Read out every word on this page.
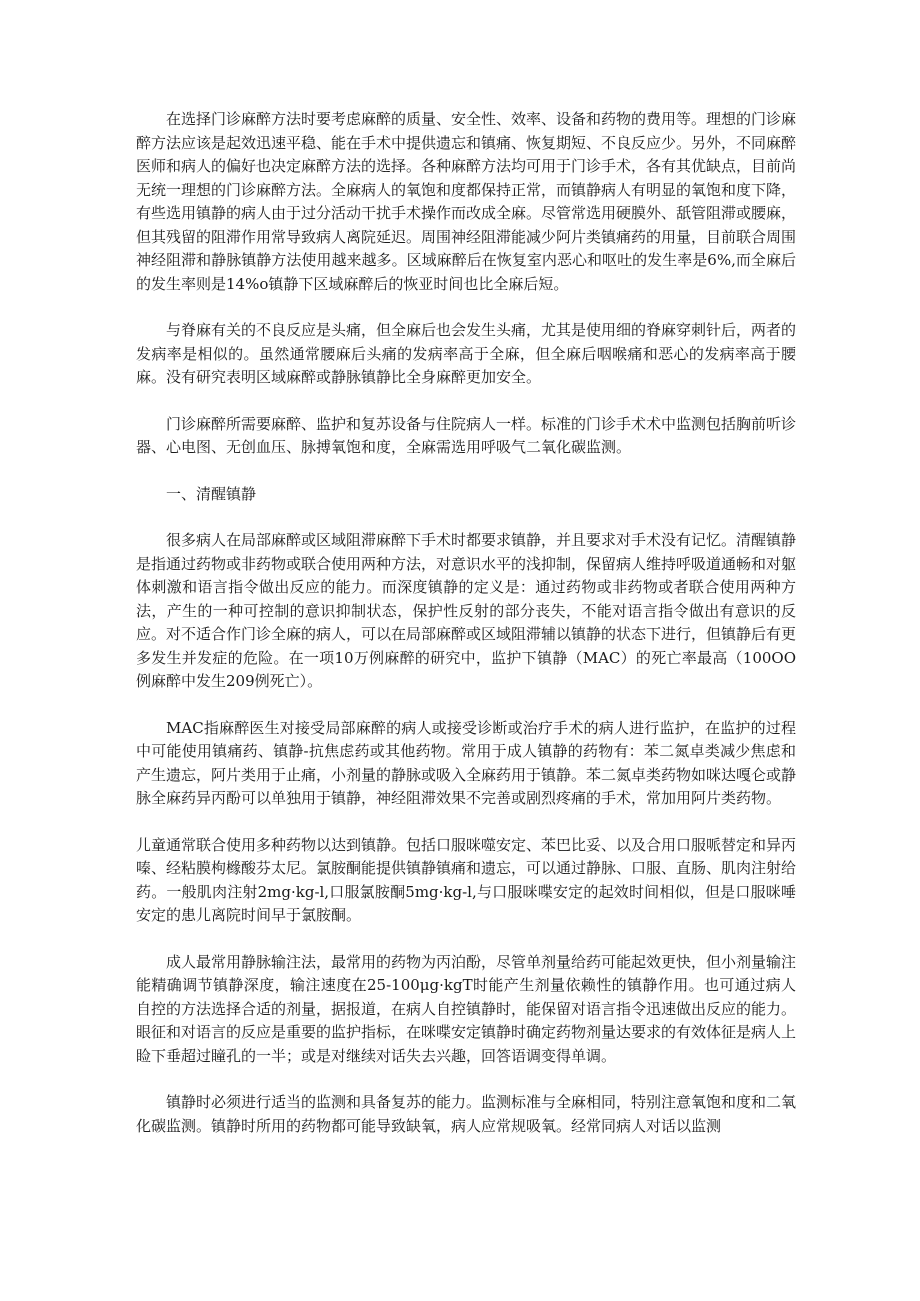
在选择门诊麻醉方法时要考虑麻醉的质量、安全性、效率、设备和药物的费用等。理想的门诊麻醉方法应该是起效迅速平稳、能在手术中提供遗忘和镇痛、恢复期短、不良反应少。另外，不同麻醉医师和病人的偏好也决定麻醉方法的选择。各种麻醉方法均可用于门诊手术，各有其优缺点，目前尚无统一理想的门诊麻醉方法。全麻病人的氧饱和度都保持正常，而镇静病人有明显的氧饱和度下降，有些选用镇静的病人由于过分活动干扰手术操作而改成全麻。尽管常选用硬膜外、舐管阻滞或腰麻，但其残留的阻滞作用常导致病人离院延迟。周围神经阻滞能减少阿片类镇痛药的用量，目前联合周围神经阻滞和静脉镇静方法使用越来越多。区域麻醉后在恢复室内恶心和呕吐的发生率是6%,而全麻后的发生率则是14%o镇静下区域麻醉后的恢亚时间也比全麻后短。

与脊麻有关的不良反应是头痛，但全麻后也会发生头痛，尤其是使用细的脊麻穿刺针后，两者的发病率是相似的。虽然通常腰麻后头痛的发病率高于全麻，但全麻后咽喉痛和恶心的发病率高于腰麻。没有研究表明区域麻醉或静脉镇静比全身麻醉更加安全。

门诊麻醉所需要麻醉、监护和复苏设备与住院病人一样。标准的门诊手术术中监测包括胸前听诊器、心电图、无创血压、脉搏氧饱和度，全麻需选用呼吸气二氧化碳监测。

一、清醒镇静

很多病人在局部麻醉或区域阻滞麻醉下手术时都要求镇静，并且要求对手术没有记忆。清醒镇静是指通过药物或非药物或联合使用两种方法，对意识水平的浅抑制，保留病人维持呼吸道通畅和对躯体刺激和语言指令做出反应的能力。而深度镇静的定义是：通过药物或非药物或者联合使用两种方法，产生的一种可控制的意识抑制状态，保护性反射的部分丧失，不能对语言指令做出有意识的反应。对不适合作门诊全麻的病人，可以在局部麻醉或区域阻滞辅以镇静的状态下进行，但镇静后有更多发生并发症的危险。在一项10万例麻醉的研究中，监护下镇静（MAC）的死亡率最高（100OO例麻醉中发生209例死亡）。

MAC指麻醉医生对接受局部麻醉的病人或接受诊断或治疗手术的病人进行监护，在监护的过程中可能使用镇痛药、镇静-抗焦虑药或其他药物。常用于成人镇静的药物有：苯二氮卓类减少焦虑和产生遗忘，阿片类用于止痛，小剂量的静脉或吸入全麻药用于镇静。苯二氮卓类药物如咪达嘎仑或静脉全麻药异丙酚可以单独用于镇静，神经阻滞效果不完善或剧烈疼痛的手术，常加用阿片类药物。

儿童通常联合使用多种药物以达到镇静。包括口服咪噬安定、苯巴比妥、以及合用口服哌替定和异丙嗪、经粘膜枸橼酸芬太尼。氯胺酮能提供镇静镇痛和遗忘，可以通过静脉、口服、直肠、肌肉注射给药。一般肌肉注射2mg·kg-l,口服氯胺酮5mg·kg-l,与口服咪喋安定的起效时间相似，但是口服咪唾安定的患儿离院时间早于氯胺酮。

成人最常用静脉输注法，最常用的药物为丙泊酚，尽管单剂量给药可能起效更快，但小剂量输注能精确调节镇静深度，输注速度在25-100μg·kgT时能产生剂量依赖性的镇静作用。也可通过病人自控的方法选择合适的剂量，据报道，在病人自控镇静时，能保留对语言指令迅速做出反应的能力。眼征和对语言的反应是重要的监护指标，在咪喋安定镇静时确定药物剂量达要求的有效体征是病人上睑下垂超过瞳孔的一半；或是对继续对话失去兴趣，回答语调变得单调。

镇静时必须进行适当的监测和具备复苏的能力。监测标准与全麻相同，特别注意氧饱和度和二氧化碳监测。镇静时所用的药物都可能导致缺氧，病人应常规吸氧。经常同病人对话以监测
